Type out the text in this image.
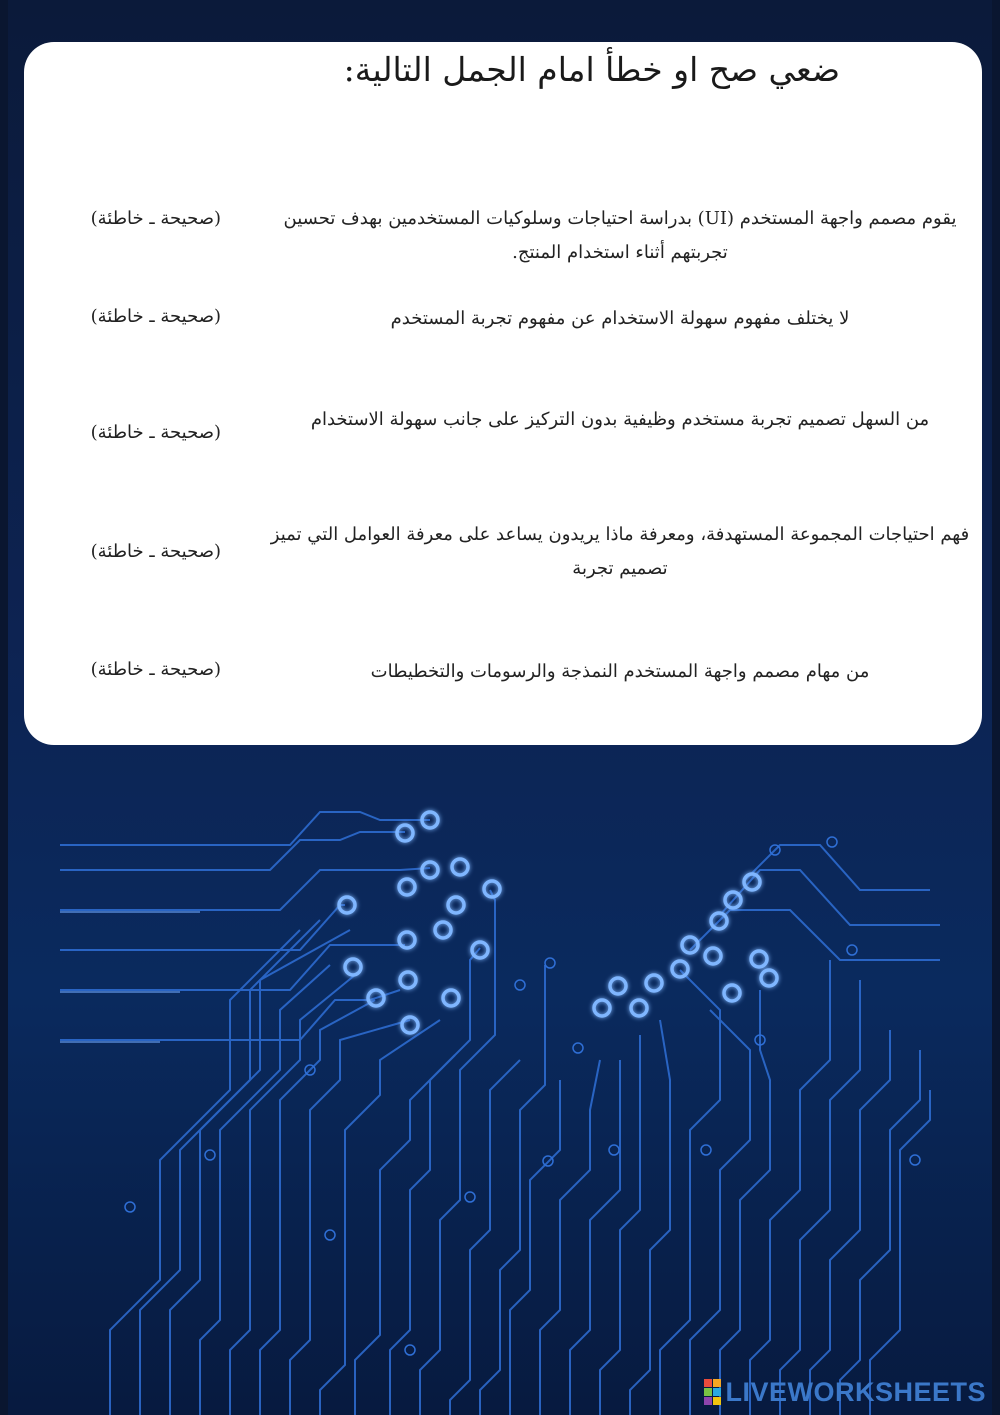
ضعي صح او خطأ امام الجمل التالية:
يقوم مصمم واجهة المستخدم (UI) بدراسة احتياجات وسلوكيات المستخدمين بهدف تحسين تجربتهم أثناء استخدام المنتج.
(صحيحة ـ خاطئة)
لا يختلف مفهوم سهولة الاستخدام عن مفهوم تجربة المستخدم
(صحيحة ـ خاطئة)
من السهل تصميم تجربة مستخدم وظيفية بدون التركيز على جانب سهولة الاستخدام
(صحيحة ـ خاطئة)
فهم احتياجات المجموعة المستهدفة، ومعرفة ماذا يريدون يساعد على معرفة العوامل التي تميز تصميم تجربة
(صحيحة ـ خاطئة)
من مهام مصمم واجهة المستخدم النمذجة والرسومات والتخطيطات
(صحيحة ـ خاطئة)
LIVEWORKSHEETS
